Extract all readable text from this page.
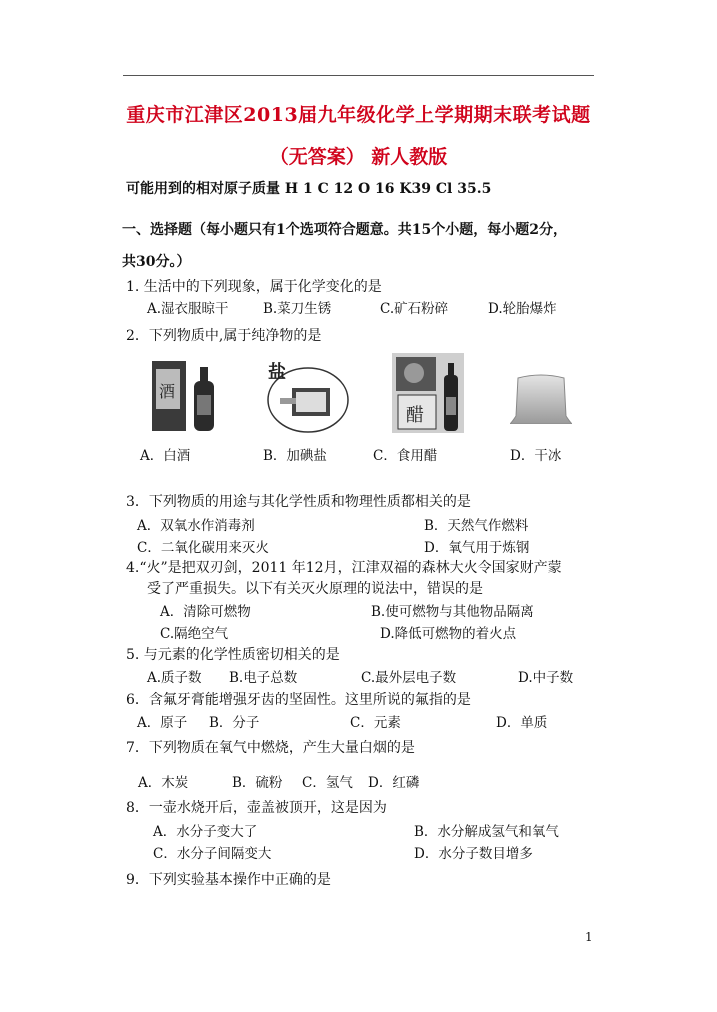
重庆市江津区2013届九年级化学上学期期末联考试题
（无答案） 新人教版
可能用到的相对原子质量 H 1 C 12 O 16 K39 Cl 35.5
一、选择题（每小题只有1个选项符合题意。共15个小题，每小题2分，
共30分。）
1. 生活中的下列现象，属于化学变化的是
A.湿衣服晾干	B.菜刀生锈	C.矿石粉碎	D.轮胎爆炸
2．下列物质中,属于纯净物的是
酒
盐
醋
A．白酒	B．加碘盐	C．食用醋	D．干冰
3．下列物质的用途与其化学性质和物理性质都相关的是
A．双氧水作消毒剂	B．天然气作燃料
C．二氧化碳用来灭火	D．氧气用于炼钢
4.“火”是把双刃剑，2011 年12月，江津双福的森林大火令国家财产蒙
受了严重损失。以下有关灭火原理的说法中，错误的是
A．清除可燃物	B.使可燃物与其他物品隔离
C.隔绝空气	D.降低可燃物的着火点
5. 与元素的化学性质密切相关的是
A.质子数 B.电子总数	C.最外层电子数	D.中子数
6．含氟牙膏能增强牙齿的坚固性。这里所说的氟指的是
A．原子 B．分子	C．元素	D．单质
7．下列物质在氧气中燃烧，产生大量白烟的是
A．木炭	B．硫粉 C．氢气 D．红磷
8．一壶水烧开后，壶盖被顶开，这是因为
A．水分子变大了	B．水分解成氢气和氧气
C．水分子间隔变大	D．水分子数目增多
9．下列实验基本操作中正确的是
1
